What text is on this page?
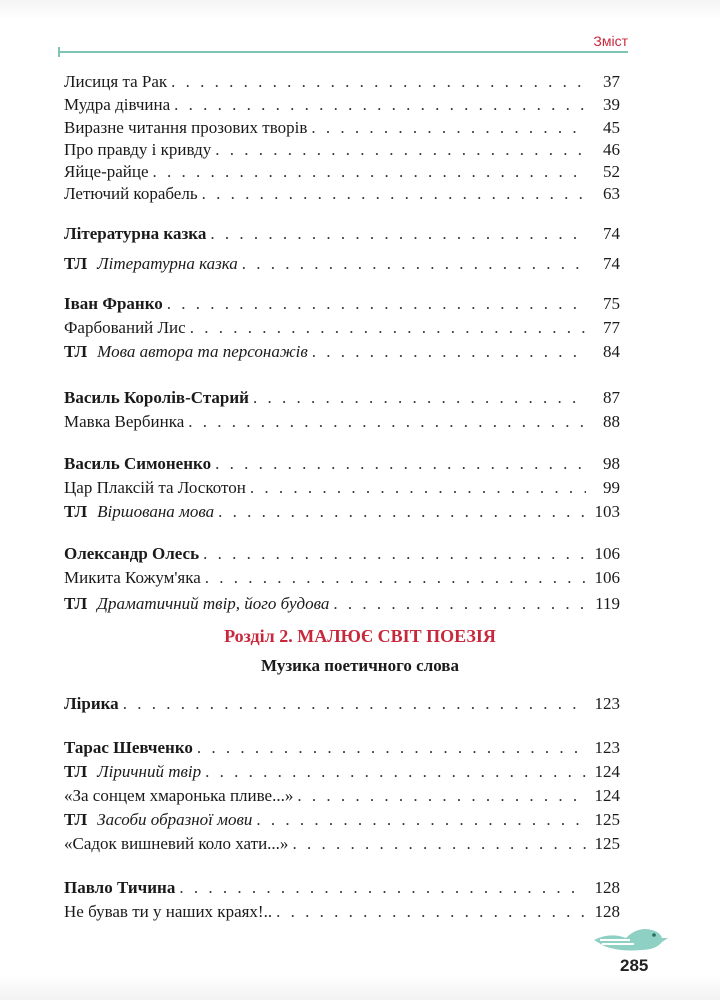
Зміст
Лисиця та Рак . . .	37
Мудра дівчина . . .	39
Виразне читання прозових творів . . .	45
Про правду і кривду . . .	46
Яйце-райце . . .	52
Летючий корабель . . .	63
Літературна казка . . .	74
ТЛ Літературна казка . . .	74
Іван Франко . . .	75
Фарбований Лис . . .	77
ТЛ Мова автора та персонажів . . .	84
Василь Королів-Старий . . .	87
Мавка Вербинка . . .	88
Василь Симоненко . . .	98
Цар Плаксій та Лоскотон . . .	99
ТЛ Віршована мова . . .	103
Олександр Олесь . . .	106
Микита Кожум'яка . . .	106
ТЛ Драматичний твір, його будова . . .	119
Лірика . . .	123
Тарас Шевченко . . .	123
ТЛ Ліричний твір . . .	124
«За сонцем хмаронька пливе...» . . .	124
ТЛ Засоби образної мови . . .	125
«Садок вишневий коло хати...» . . .	125
Павло Тичина . . .	128
Не бував ти у наших краях!.. . . .	128
Розділ 2. МАЛЮЄ СВІТ ПОЕЗІЯ
Музика поетичного слова
285
